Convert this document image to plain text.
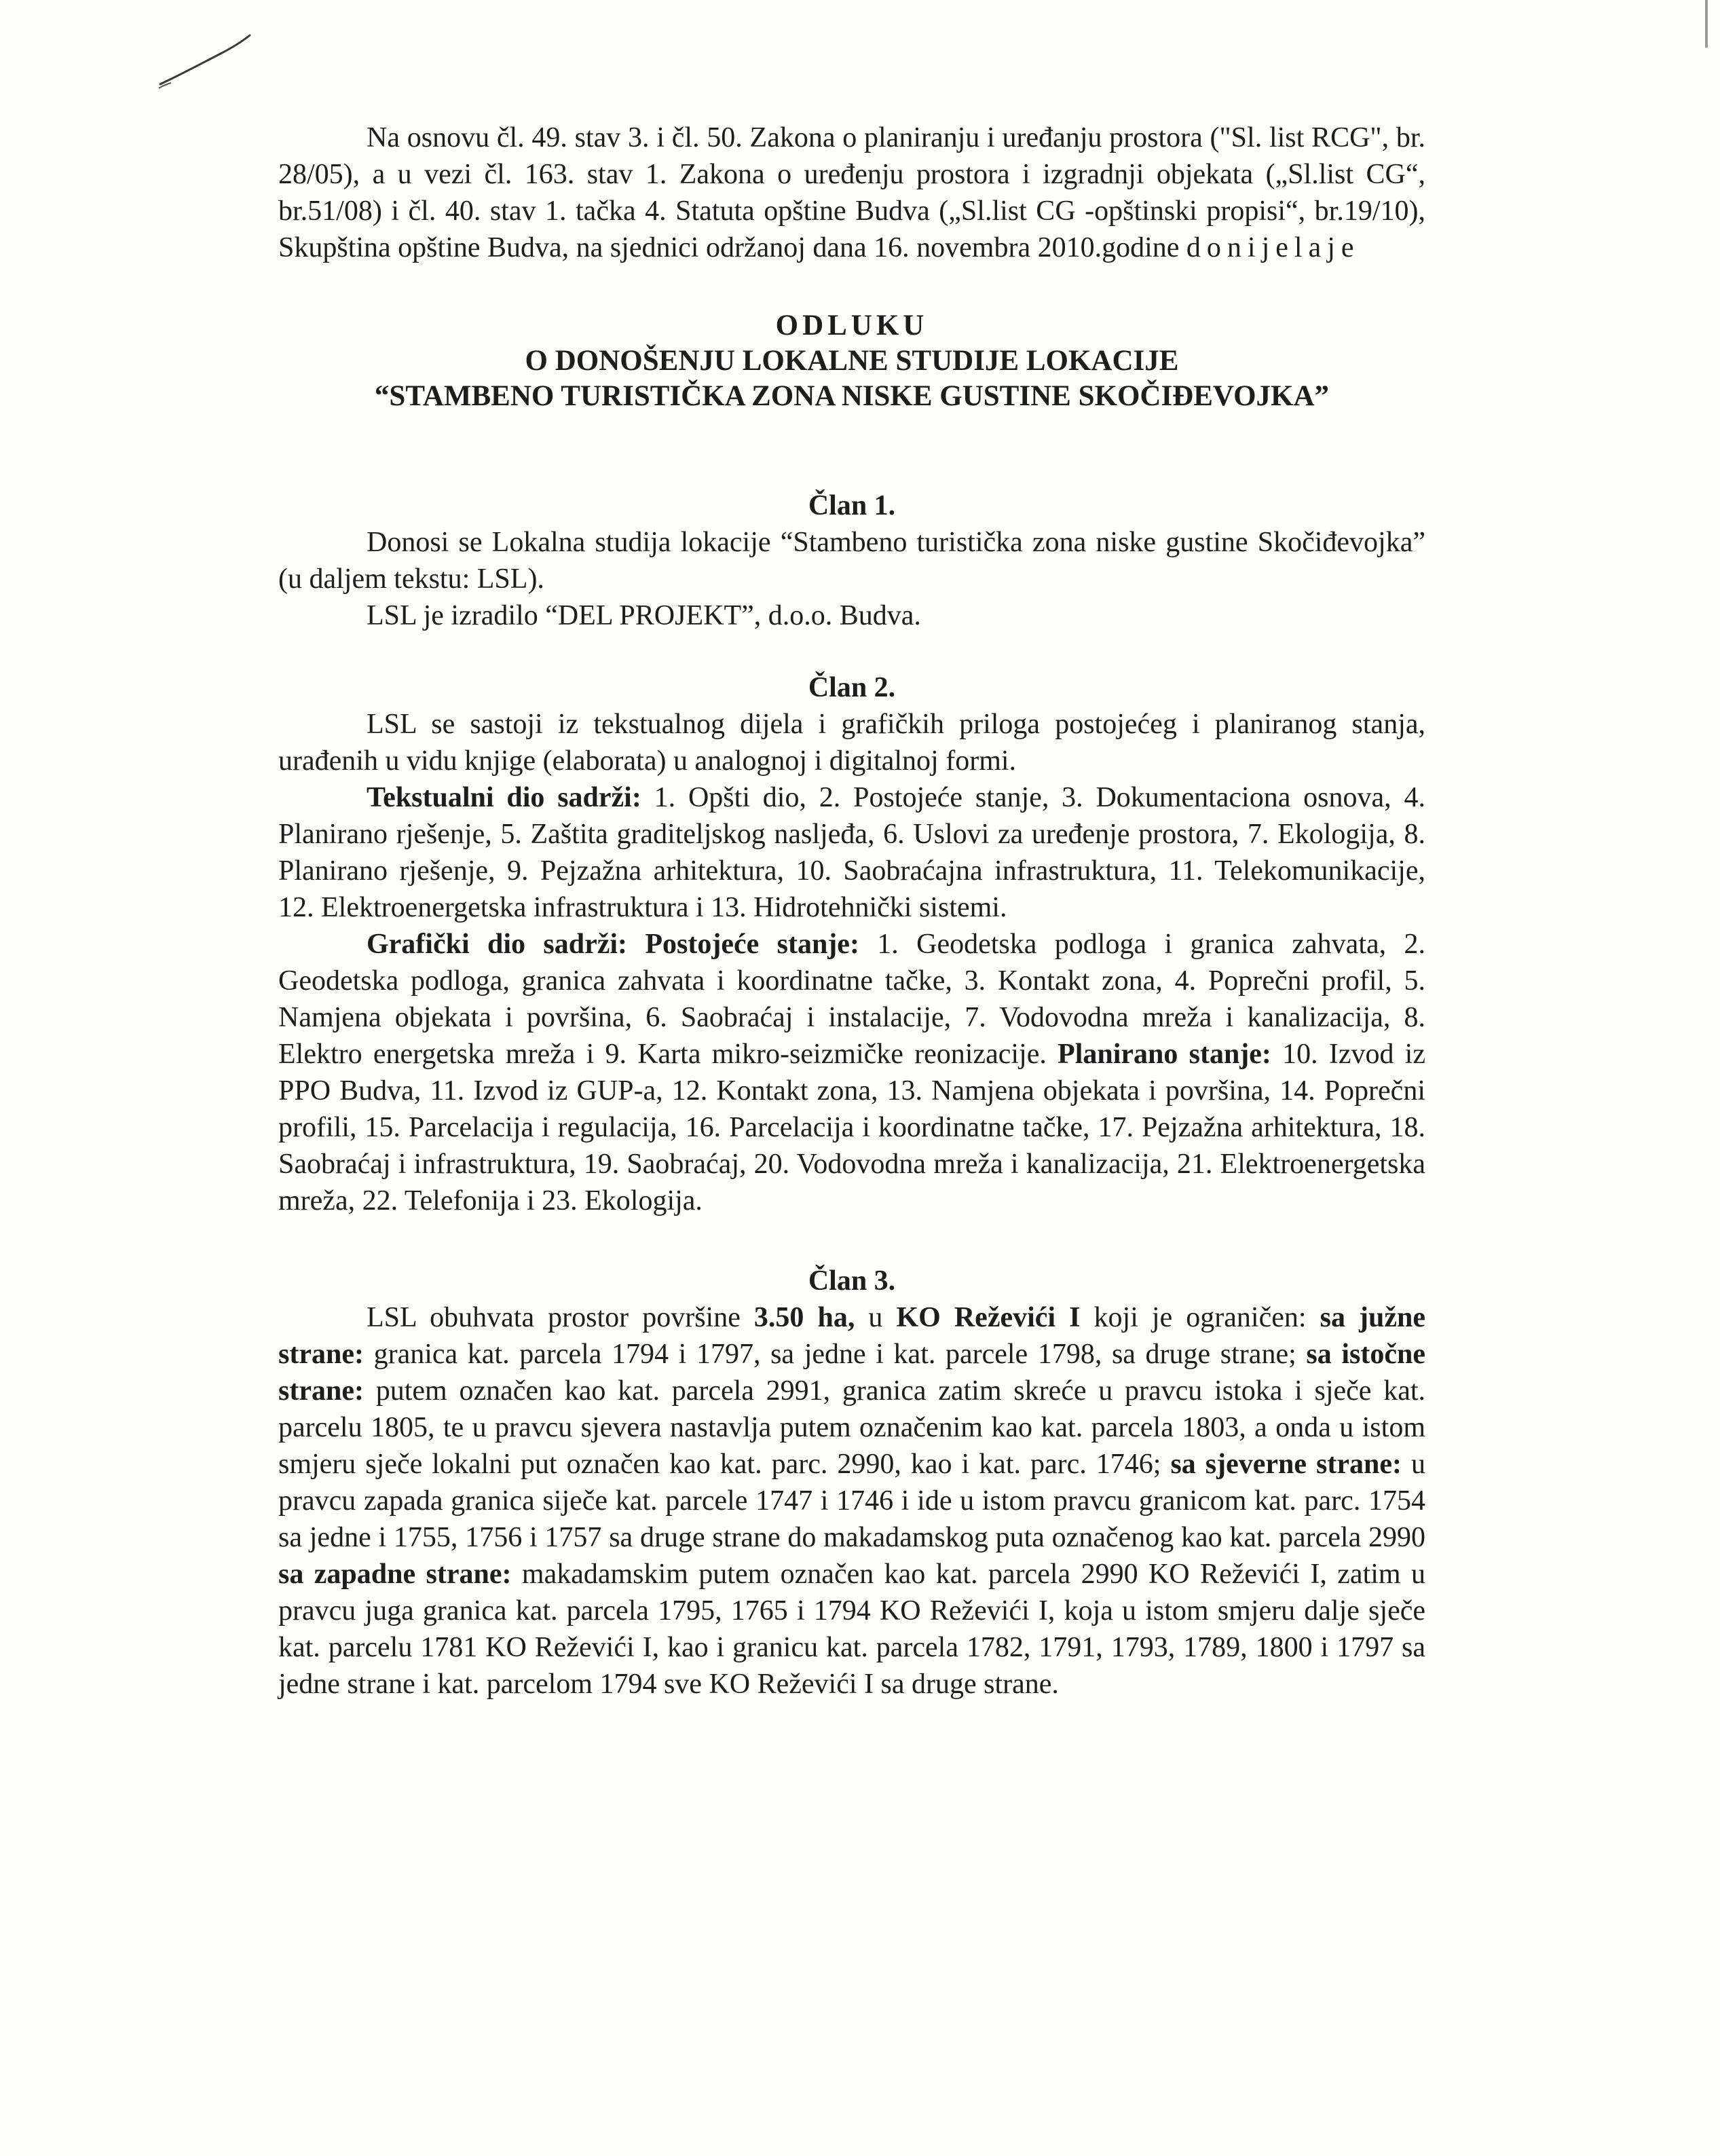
Na osnovu čl. 49. stav 3. i čl. 50. Zakona o planiranju i uređanju prostora ("Sl. list RCG", br. 28/05), a u vezi čl. 163. stav 1. Zakona o uređenju prostora i izgradnji objekata („Sl.list CG“, br.51/08) i čl. 40. stav 1. tačka 4. Statuta opštine Budva („Sl.list CG -opštinski propisi“, br.19/10), Skupština opštine Budva, na sjednici održanoj dana 16. novembra 2010.godine donijelaje

ODLUKU
O DONOŠENJU LOKALNE STUDIJE LOKACIJE
“STAMBENO TURISTIČKA ZONA NISKE GUSTINE SKOČIĐEVOJKA”

Član 1.

Donosi se Lokalna studija lokacije “Stambeno turistička zona niske gustine Skočiđevojka” (u daljem tekstu: LSL).

LSL je izradilo “DEL PROJEKT”, d.o.o. Budva.

Član 2.

LSL se sastoji iz tekstualnog dijela i grafičkih priloga postojećeg i planiranog stanja, urađenih u vidu knjige (elaborata) u analognoj i digitalnoj formi.

Tekstualni dio sadrži: 1. Opšti dio, 2. Postojeće stanje, 3. Dokumentaciona osnova, 4. Planirano rješenje, 5. Zaštita graditeljskog nasljeđa, 6. Uslovi za uređenje prostora, 7. Ekologija, 8. Planirano rješenje, 9. Pejzažna arhitektura, 10. Saobraćajna infrastruktura, 11. Telekomunikacije, 12. Elektroenergetska infrastruktura i 13. Hidrotehnički sistemi.

Grafički dio sadrži: Postojeće stanje: 1. Geodetska podloga i granica zahvata, 2. Geodetska podloga, granica zahvata i koordinatne tačke, 3. Kontakt zona, 4. Poprečni profil, 5. Namjena objekata i površina, 6. Saobraćaj i instalacije, 7. Vodovodna mreža i kanalizacija, 8. Elektro energetska mreža i 9. Karta mikro-seizmičke reonizacije. Planirano stanje: 10. Izvod iz PPO Budva, 11. Izvod iz GUP-a, 12. Kontakt zona, 13. Namjena objekata i površina, 14. Poprečni profili, 15. Parcelacija i regulacija, 16. Parcelacija i koordinatne tačke, 17. Pejzažna arhitektura, 18. Saobraćaj i infrastruktura, 19. Saobraćaj, 20. Vodovodna mreža i kanalizacija, 21. Elektroenergetska mreža, 22. Telefonija i 23. Ekologija.

Član 3.

LSL obuhvata prostor površine 3.50 ha, u KO Reževići I koji je ograničen: sa južne strane: granica kat. parcela 1794 i 1797, sa jedne i kat. parcele 1798, sa druge strane; sa istočne strane: putem označen kao kat. parcela 2991, granica zatim skreće u pravcu istoka i sječe kat. parcelu 1805, te u pravcu sjevera nastavlja putem označenim kao kat. parcela 1803, a onda u istom smjeru sječe lokalni put označen kao kat. parc. 2990, kao i kat. parc. 1746; sa sjeverne strane: u pravcu zapada granica siječe kat. parcele 1747 i 1746 i ide u istom pravcu granicom kat. parc. 1754 sa jedne i 1755, 1756 i 1757 sa druge strane do makadamskog puta označenog kao kat. parcela 2990 sa zapadne strane: makadamskim putem označen kao kat. parcela 2990 KO Reževići I, zatim u pravcu juga granica kat. parcela 1795, 1765 i 1794 KO Reževići I, koja u istom smjeru dalje sječe kat. parcelu 1781 KO Reževići I, kao i granicu kat. parcela 1782, 1791, 1793, 1789, 1800 i 1797 sa jedne strane i kat. parcelom 1794 sve KO Reževići I sa druge strane.
